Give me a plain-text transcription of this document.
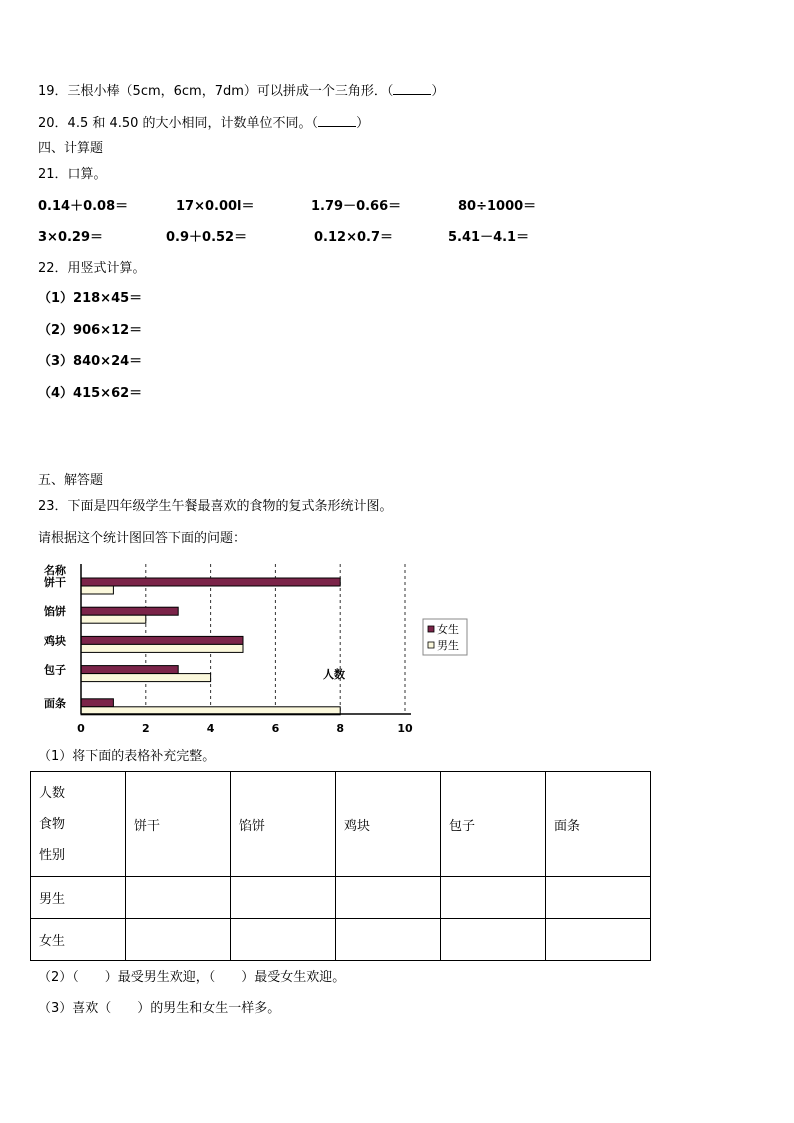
19．三根小棒（5cm，6cm，7dm）可以拼成一个三角形．（	）
20．4.5 和 4.50 的大小相同，计数单位不同。（	）
四、计算题
21．口算。
0.14＋0.08＝	17×0.00l＝	1.79－0.66＝	80÷1000＝
3×0.29＝	0.9＋0.52＝	0.12×0.7＝	5.41－4.1＝
22．用竖式计算。
（1）218×45＝
（2）906×12＝
（3）840×24＝
（4）415×62＝
五、解答题
23．下面是四年级学生午餐最喜欢的食物的复式条形统计图。
请根据这个统计图回答下面的问题：
0	2	4	6	8	10
名称
人数
饼干
馅饼
鸡块
包子
面条
女生
男生
（1）将下面的表格补充完整。
人数
食物
性别	饼干	馅饼	鸡块	包子	面条
男生					
女生					
（2）（　　）最受男生欢迎，（　　）最受女生欢迎。
（3）喜欢（　　）的男生和女生一样多。
